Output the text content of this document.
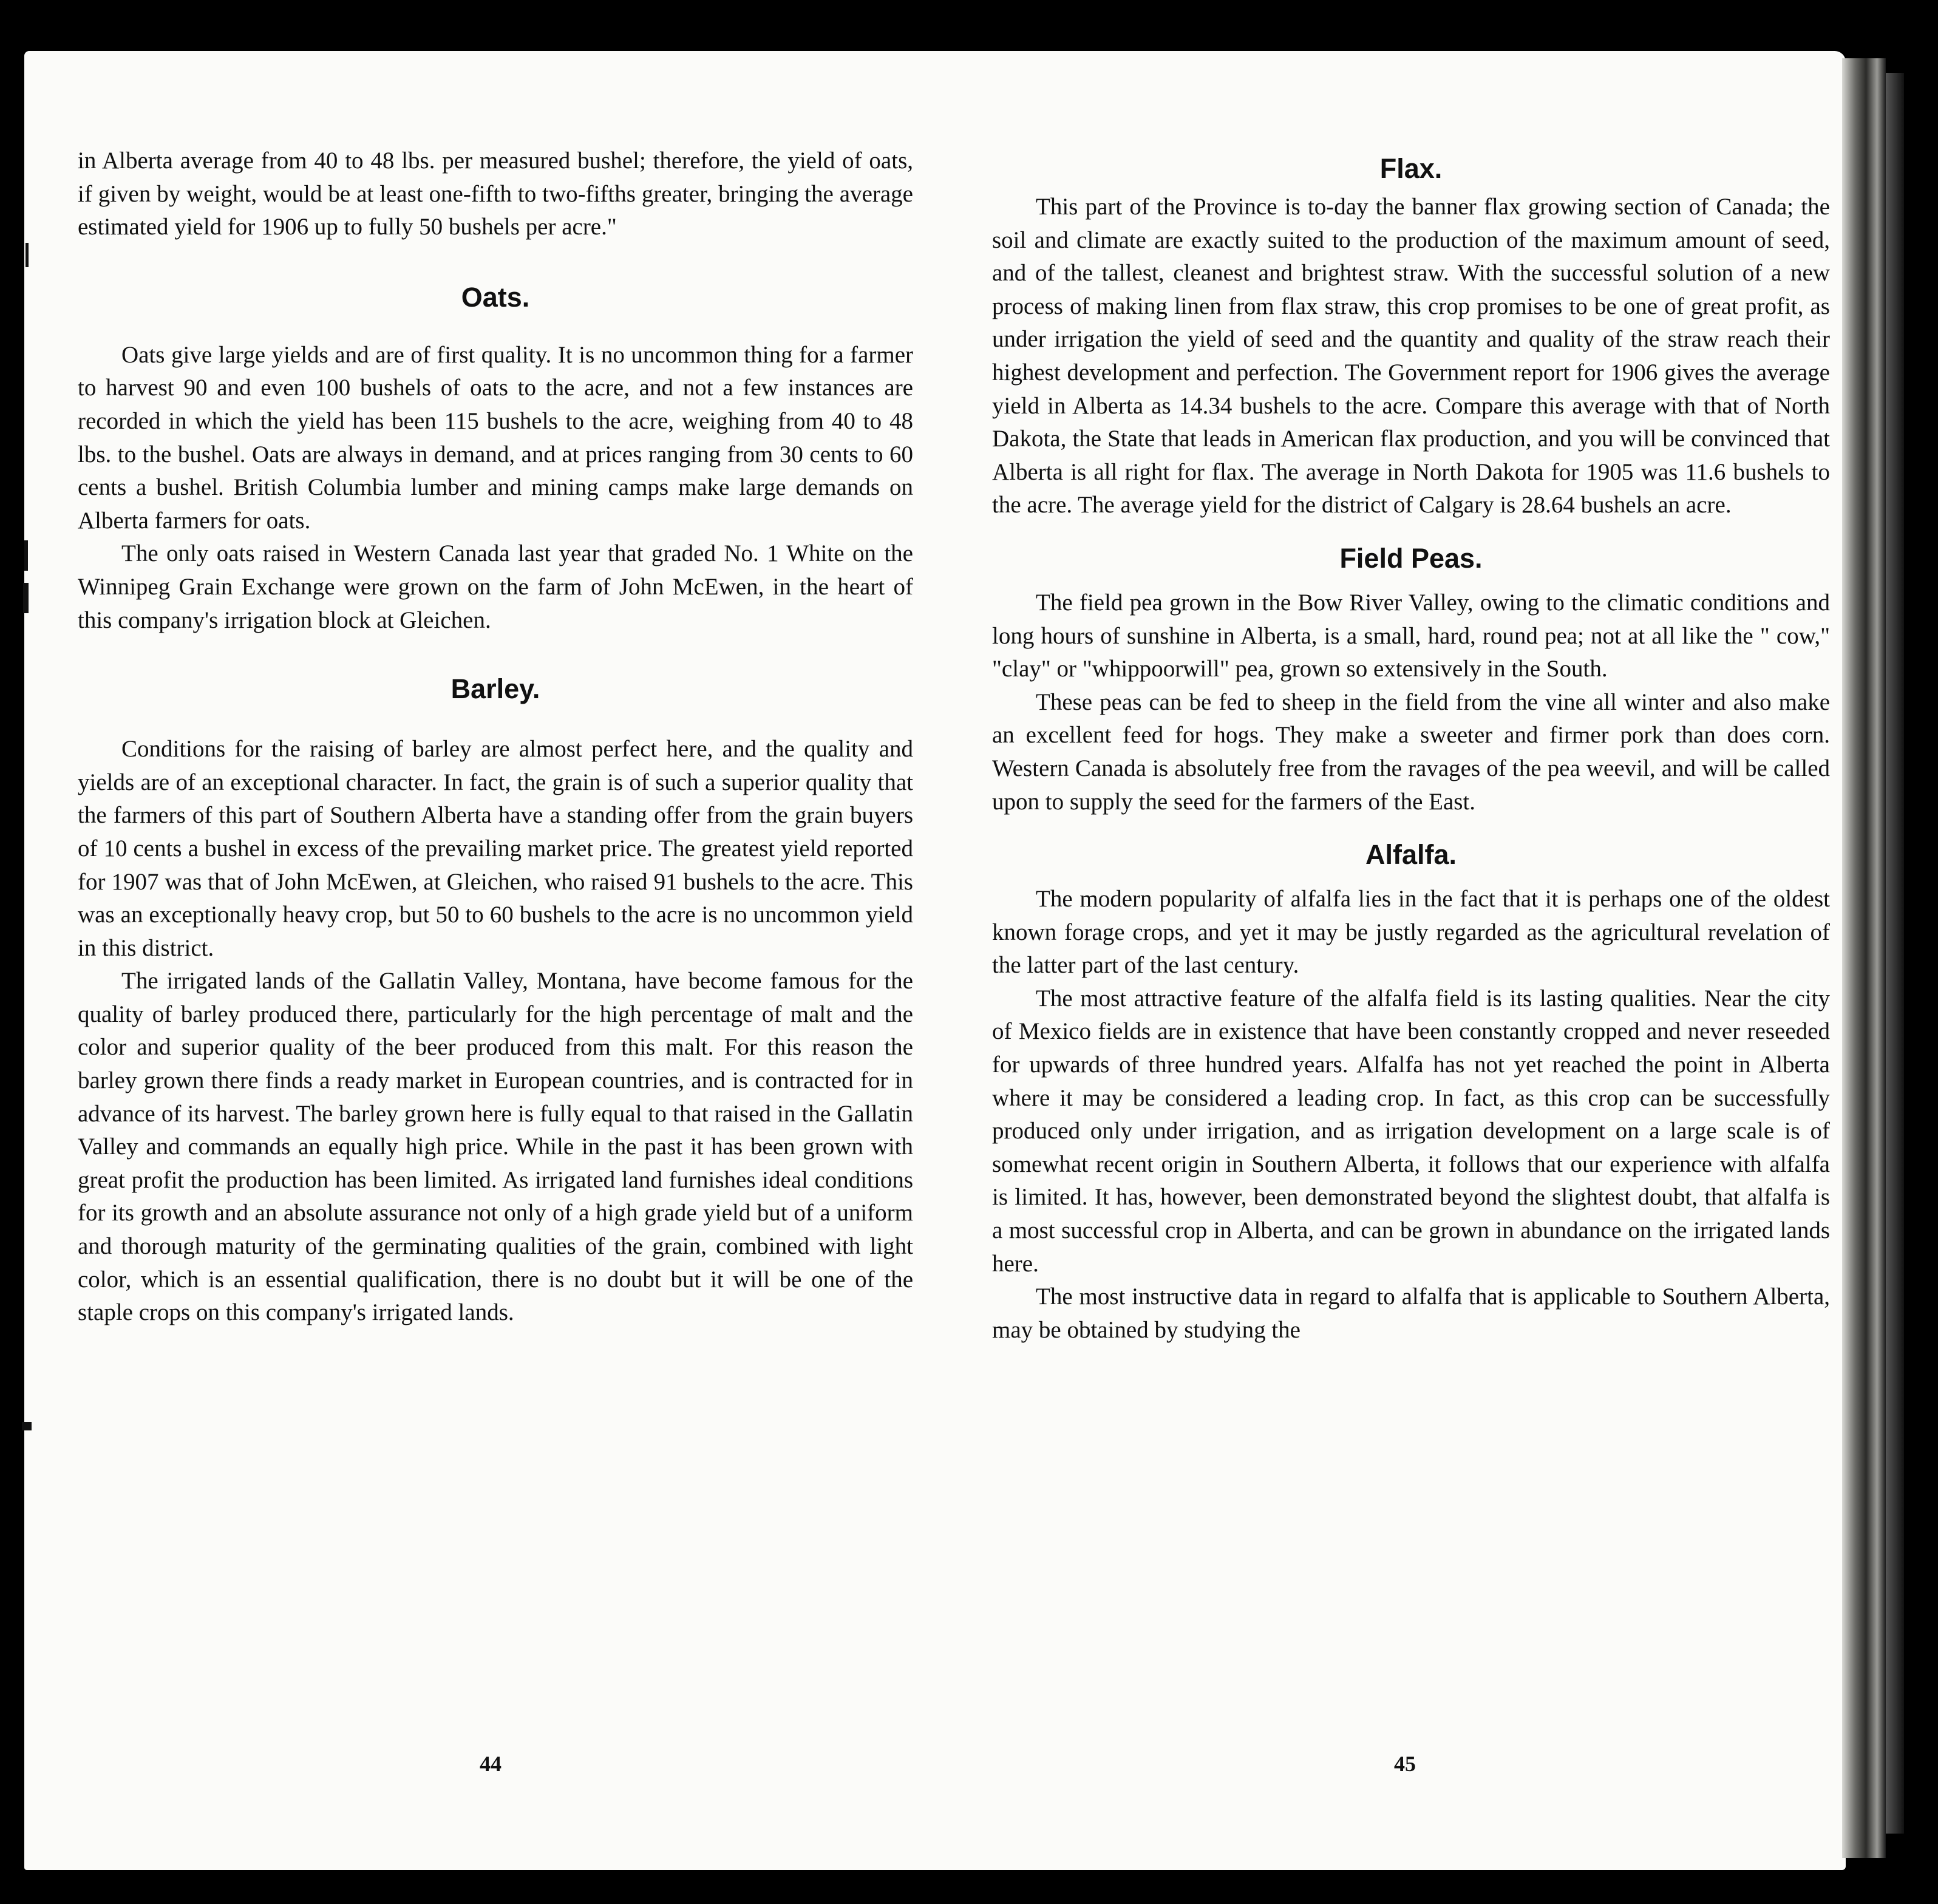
in Alberta average from 40 to 48 lbs. per measured bushel; therefore, the yield of oats, if given by weight, would be at least one-fifth to two-fifths greater, bringing the average estimated yield for 1906 up to fully 50 bushels per acre."

Oats.

Oats give large yields and are of first quality. It is no uncommon thing for a farmer to harvest 90 and even 100 bushels of oats to the acre, and not a few instances are recorded in which the yield has been 115 bushels to the acre, weighing from 40 to 48 lbs. to the bushel. Oats are always in demand, and at prices ranging from 30 cents to 60 cents a bushel. British Columbia lumber and mining camps make large demands on Alberta farmers for oats.

The only oats raised in Western Canada last year that graded No. 1 White on the Winnipeg Grain Exchange were grown on the farm of John McEwen, in the heart of this company's irrigation block at Gleichen.

Barley.

Conditions for the raising of barley are almost perfect here, and the quality and yields are of an exceptional character. In fact, the grain is of such a superior quality that the farmers of this part of Southern Alberta have a standing offer from the grain buyers of 10 cents a bushel in excess of the prevailing market price. The greatest yield reported for 1907 was that of John McEwen, at Gleichen, who raised 91 bushels to the acre. This was an exceptionally heavy crop, but 50 to 60 bushels to the acre is no uncommon yield in this district.

The irrigated lands of the Gallatin Valley, Montana, have become famous for the quality of barley produced there, particularly for the high percentage of malt and the color and superior quality of the beer produced from this malt. For this reason the barley grown there finds a ready market in European countries, and is contracted for in advance of its harvest. The barley grown here is fully equal to that raised in the Gallatin Valley and commands an equally high price. While in the past it has been grown with great profit the production has been limited. As irrigated land furnishes ideal conditions for its growth and an absolute assurance not only of a high grade yield but of a uniform and thorough maturity of the germinating qualities of the grain, combined with light color, which is an essential qualification, there is no doubt but it will be one of the staple crops on this company's irrigated lands.

44
Flax.

This part of the Province is to-day the banner flax growing section of Canada; the soil and climate are exactly suited to the production of the maximum amount of seed, and of the tallest, cleanest and brightest straw. With the successful solution of a new process of making linen from flax straw, this crop promises to be one of great profit, as under irrigation the yield of seed and the quantity and quality of the straw reach their highest development and perfection. The Government report for 1906 gives the average yield in Alberta as 14.34 bushels to the acre. Compare this average with that of North Dakota, the State that leads in American flax production, and you will be convinced that Alberta is all right for flax. The average in North Dakota for 1905 was 11.6 bushels to the acre. The average yield for the district of Calgary is 28.64 bushels an acre.

Field Peas.

The field pea grown in the Bow River Valley, owing to the climatic conditions and long hours of sunshine in Alberta, is a small, hard, round pea; not at all like the " cow," "clay" or "whippoorwill" pea, grown so extensively in the South.

These peas can be fed to sheep in the field from the vine all winter and also make an excellent feed for hogs. They make a sweeter and firmer pork than does corn. Western Canada is absolutely free from the ravages of the pea weevil, and will be called upon to supply the seed for the farmers of the East.

Alfalfa.

The modern popularity of alfalfa lies in the fact that it is perhaps one of the oldest known forage crops, and yet it may be justly regarded as the agricultural revelation of the latter part of the last century.

The most attractive feature of the alfalfa field is its lasting qualities. Near the city of Mexico fields are in existence that have been constantly cropped and never reseeded for upwards of three hundred years. Alfalfa has not yet reached the point in Alberta where it may be considered a leading crop. In fact, as this crop can be successfully produced only under irrigation, and as irrigation development on a large scale is of somewhat recent origin in Southern Alberta, it follows that our experience with alfalfa is limited. It has, however, been demonstrated beyond the slightest doubt, that alfalfa is a most successful crop in Alberta, and can be grown in abundance on the irrigated lands here.

The most instructive data in regard to alfalfa that is applicable to Southern Alberta, may be obtained by studying the

45
